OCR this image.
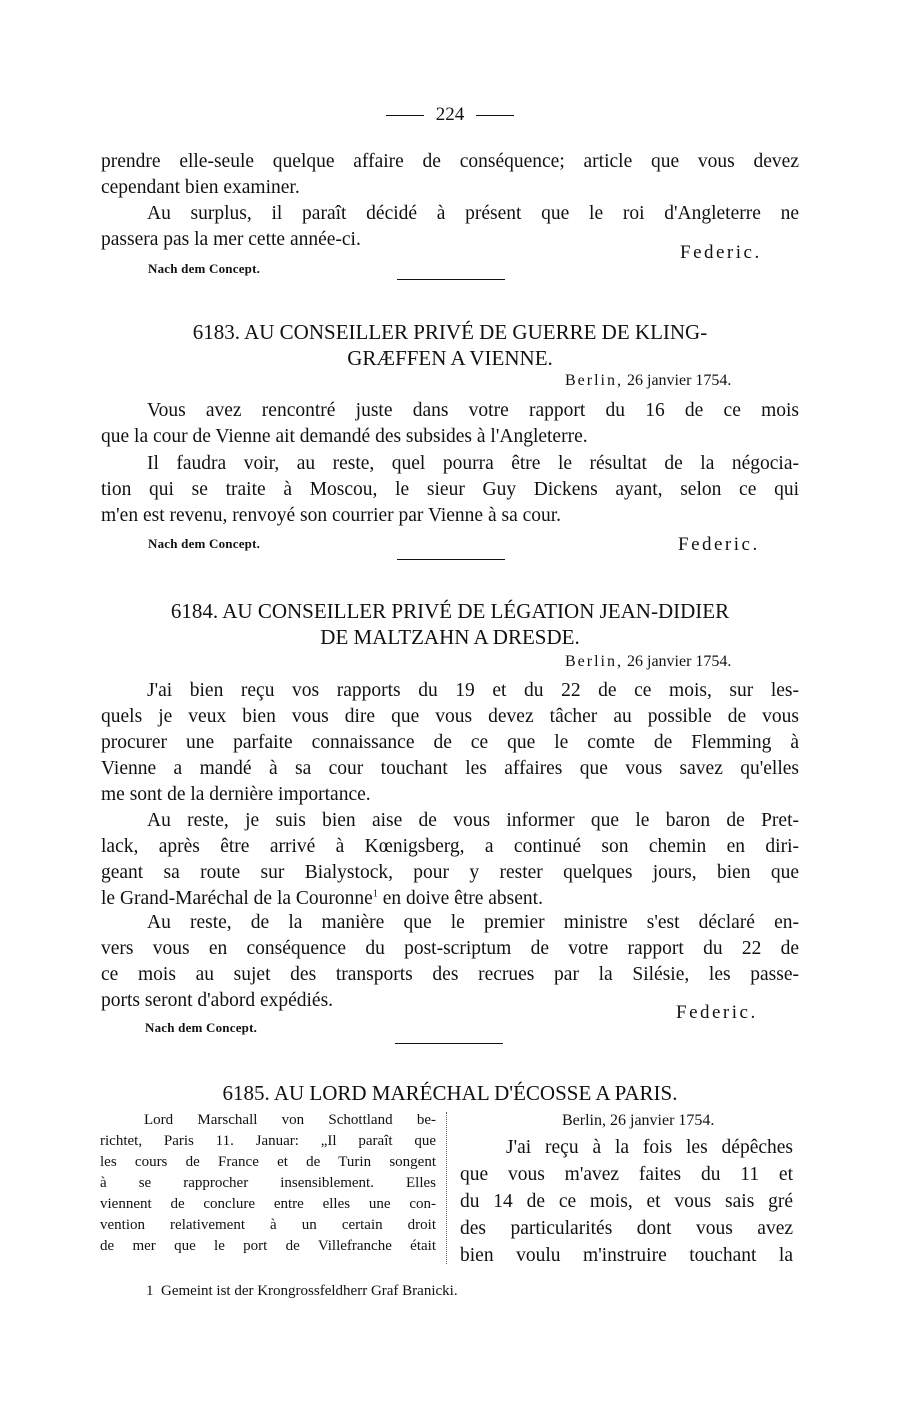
224
prendre elle-seule quelque affaire de conséquence; article que vous devez
cependant bien examiner.
Au surplus, il paraît décidé à présent que le roi d'Angleterre ne
passera pas la mer cette année-ci.
Federic.
Nach dem Concept.
6183. AU CONSEILLER PRIVÉ DE GUERRE DE KLING-
GRÆFFEN A VIENNE.
Berlin, 26 janvier 1754.
Vous avez rencontré juste dans votre rapport du 16 de ce mois
que la cour de Vienne ait demandé des subsides à l'Angleterre.
Il faudra voir, au reste, quel pourra être le résultat de la négocia-
tion qui se traite à Moscou, le sieur Guy Dickens ayant, selon ce qui
m'en est revenu, renvoyé son courrier par Vienne à sa cour.
Nach dem Concept.	Federic.
6184. AU CONSEILLER PRIVÉ DE LÉGATION JEAN-DIDIER
DE MALTZAHN A DRESDE.
Berlin, 26 janvier 1754.
J'ai bien reçu vos rapports du 19 et du 22 de ce mois, sur les-
quels je veux bien vous dire que vous devez tâcher au possible de vous
procurer une parfaite connaissance de ce que le comte de Flemming à
Vienne a mandé à sa cour touchant les affaires que vous savez qu'elles
me sont de la dernière importance.
Au reste, je suis bien aise de vous informer que le baron de Pret-
lack, après être arrivé à Kœnigsberg, a continué son chemin en diri-
geant sa route sur Bialystock, pour y rester quelques jours, bien que
le Grand-Maréchal de la Couronne$^1$ en doive être absent.
Au reste, de la manière que le premier ministre s'est déclaré en-
vers vous en conséquence du post-scriptum de votre rapport du 22 de
ce mois au sujet des transports des recrues par la Silésie, les passe-
ports seront d'abord expédiés.
Federic.
Nach dem Concept.
6185. AU LORD MARÉCHAL D'ÉCOSSE A PARIS.
Lord Marschall von Schottland be-
richtet, Paris 11. Januar: „Il paraît que
les cours de France et de Turin songent
à se rapprocher insensiblement. Elles
viennent de conclure entre elles une con-
vention relativement à un certain droit
de mer que le port de Villefranche était
Berlin, 26 janvier 1754.
J'ai reçu à la fois les dépêches
que vous m'avez faites du 11 et
du 14 de ce mois, et vous sais gré
des particularités dont vous avez
bien voulu m'instruire touchant la
1 Gemeint ist der Krongrossfeldherr Graf Branicki.
